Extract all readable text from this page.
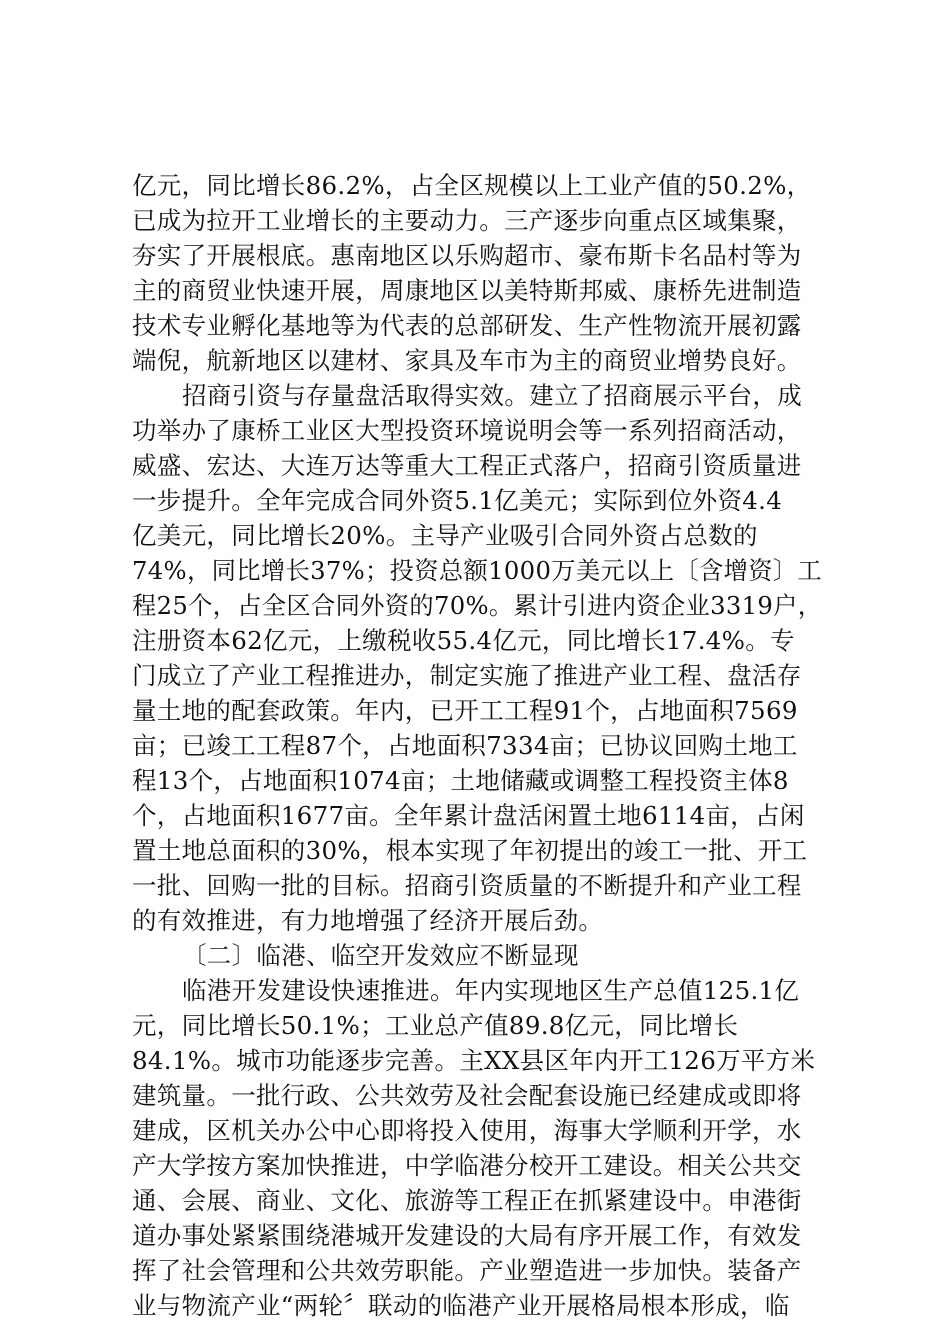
亿元，同比增长86.2%，占全区规模以上工业产值的50.2%，
已成为拉开工业增长的主要动力。三产逐步向重点区域集聚，
夯实了开展根底。惠南地区以乐购超市、豪布斯卡名品村等为
主的商贸业快速开展，周康地区以美特斯邦威、康桥先进制造
技术专业孵化基地等为代表的总部研发、生产性物流开展初露
端倪，航新地区以建材、家具及车市为主的商贸业增势良好。
招商引资与存量盘活取得实效。建立了招商展示平台，成
功举办了康桥工业区大型投资环境说明会等一系列招商活动，
威盛、宏达、大连万达等重大工程正式落户，招商引资质量进
一步提升。全年完成合同外资5.1亿美元；实际到位外资4.4
亿美元，同比增长20%。主导产业吸引合同外资占总数的
74%，同比增长37%；投资总额1000万美元以上〔含增资〕工
程25个，占全区合同外资的70%。累计引进内资企业3319户，
注册资本62亿元，上缴税收55.4亿元，同比增长17.4%。专
门成立了产业工程推进办，制定实施了推进产业工程、盘活存
量土地的配套政策。年内，已开工工程91个，占地面积7569
亩；已竣工工程87个，占地面积7334亩；已协议回购土地工
程13个，占地面积1074亩；土地储藏或调整工程投资主体8
个，占地面积1677亩。全年累计盘活闲置土地6114亩，占闲
置土地总面积的30%，根本实现了年初提出的竣工一批、开工
一批、回购一批的目标。招商引资质量的不断提升和产业工程
的有效推进，有力地增强了经济开展后劲。
〔二〕临港、临空开发效应不断显现
临港开发建设快速推进。年内实现地区生产总值125.1亿
元，同比增长50.1%；工业总产值89.8亿元，同比增长
84.1%。城市功能逐步完善。主XX县区年内开工126万平方米
建筑量。一批行政、公共效劳及社会配套设施已经建成或即将
建成，区机关办公中心即将投入使用，海事大学顺利开学，水
产大学按方案加快推进，中学临港分校开工建设。相关公共交
通、会展、商业、文化、旅游等工程正在抓紧建设中。申港街
道办事处紧紧围绕港城开发建设的大局有序开展工作，有效发
挥了社会管理和公共效劳职能。产业塑造进一步加快。装备产
业与物流产业“两轮〞联动的临港产业开展格局根本形成，临
